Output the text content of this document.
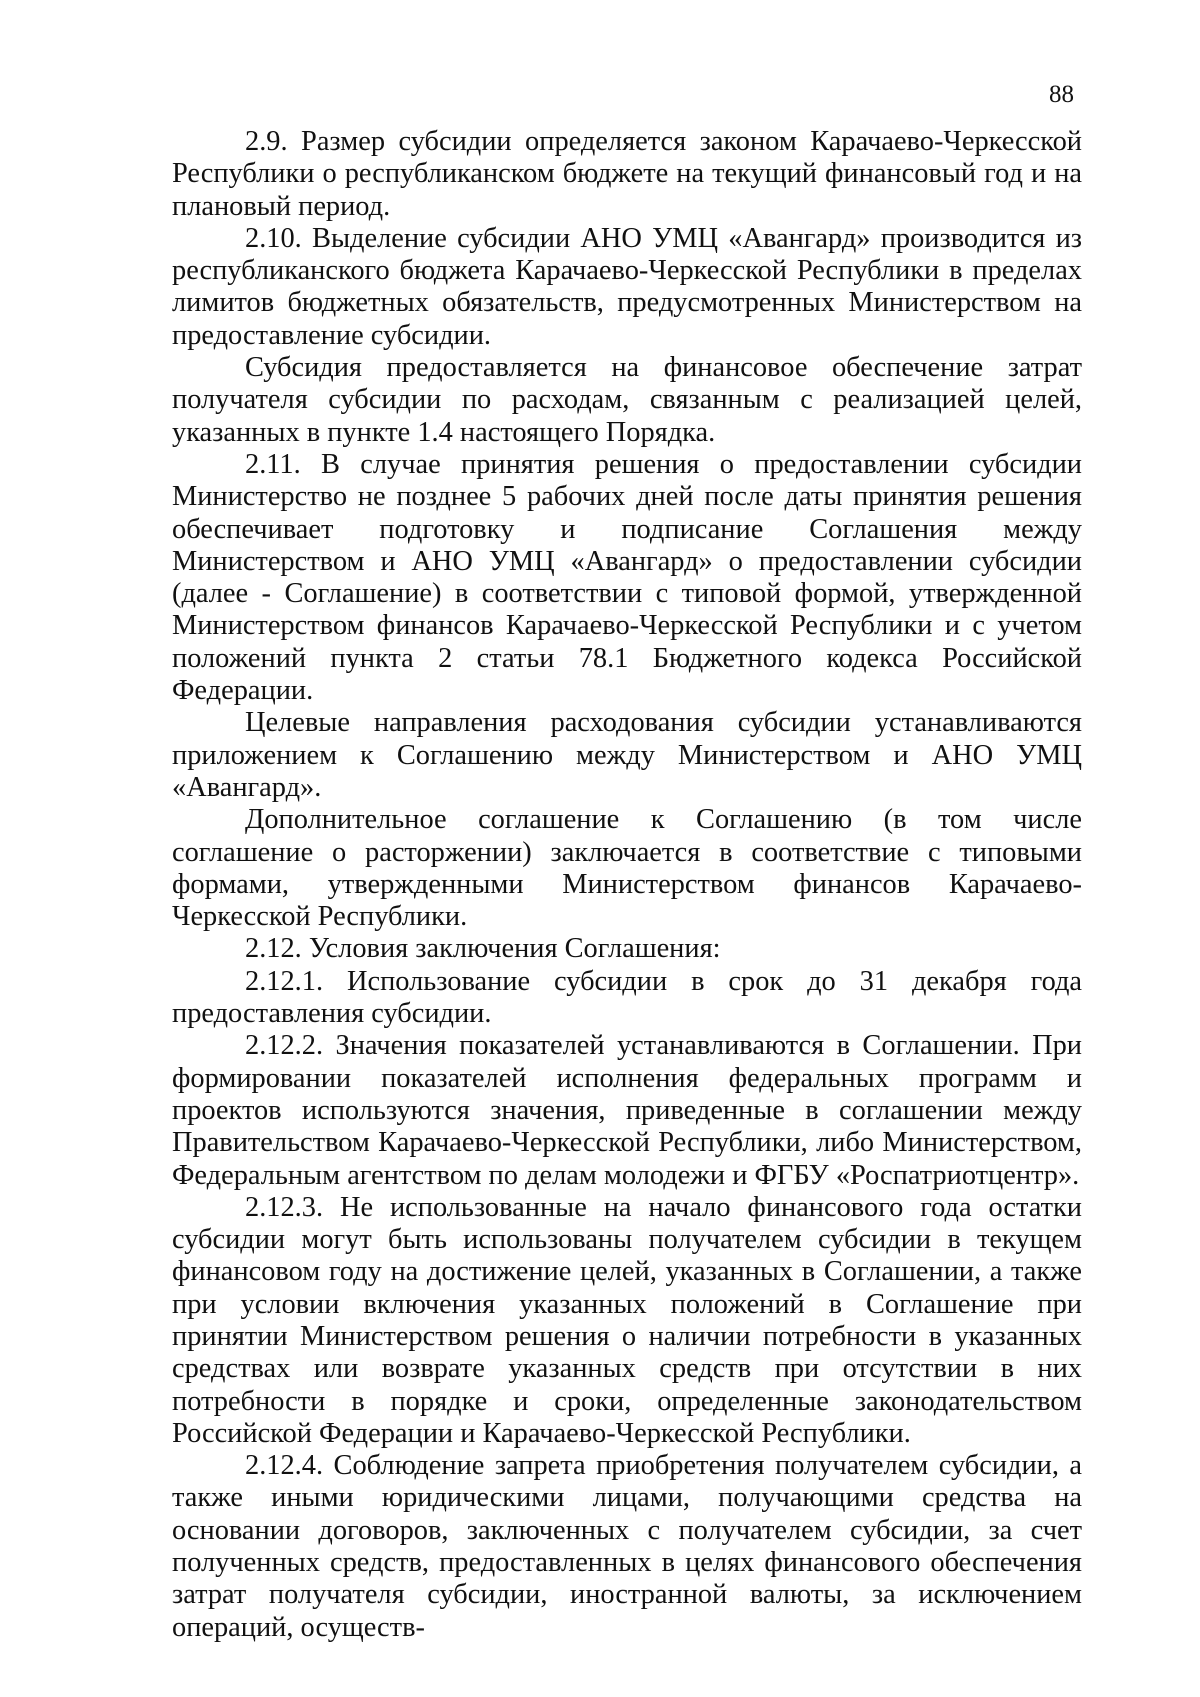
88

2.9. Размер субсидии определяется законом Карачаево-Черкесской Республики о республиканском бюджете на текущий финансовый год и на плановый период.

2.10. Выделение субсидии АНО УМЦ «Авангард» производится из республиканского бюджета Карачаево-Черкесской Республики в пределах лимитов бюджетных обязательств, предусмотренных Министерством на предоставление субсидии.

Субсидия предоставляется на финансовое обеспечение затрат получателя субсидии по расходам, связанным с реализацией целей, указанных в пункте 1.4 настоящего Порядка.

2.11. В случае принятия решения о предоставлении субсидии Министерство не позднее 5 рабочих дней после даты принятия решения обеспечивает подготовку и подписание Соглашения между Министерством и АНО УМЦ «Авангард» о предоставлении субсидии (далее - Соглашение) в соответствии с типовой формой, утвержденной Министерством финансов Карачаево-Черкесской Республики и с учетом положений пункта 2 статьи 78.1 Бюджетного кодекса Российской Федерации.

Целевые направления расходования субсидии устанавливаются приложением к Соглашению между Министерством и АНО УМЦ «Авангард».

Дополнительное соглашение к Соглашению (в том числе соглашение о расторжении) заключается в соответствие с типовыми формами, утвержденными Министерством финансов Карачаево-Черкесской Республики.

2.12. Условия заключения Соглашения:

2.12.1. Использование субсидии в срок до 31 декабря года предоставления субсидии.

2.12.2. Значения показателей устанавливаются в Соглашении. При формировании показателей исполнения федеральных программ и проектов используются значения, приведенные в соглашении между Правительством Карачаево-Черкесской Республики, либо Министерством, Федеральным агентством по делам молодежи и ФГБУ «Роспатриотцентр».

2.12.3. Не использованные на начало финансового года остатки субсидии могут быть использованы получателем субсидии в текущем финансовом году на достижение целей, указанных в Соглашении, а также при условии включения указанных положений в Соглашение при принятии Министерством решения о наличии потребности в указанных средствах или возврате указанных средств при отсутствии в них потребности в порядке и сроки, определенные законодательством Российской Федерации и Карачаево-Черкесской Республики.

2.12.4. Соблюдение запрета приобретения получателем субсидии, а также иными юридическими лицами, получающими средства на основании договоров, заключенных с получателем субсидии, за счет полученных средств, предоставленных в целях финансового обеспечения затрат получателя субсидии, иностранной валюты, за исключением операций, осуществ-
